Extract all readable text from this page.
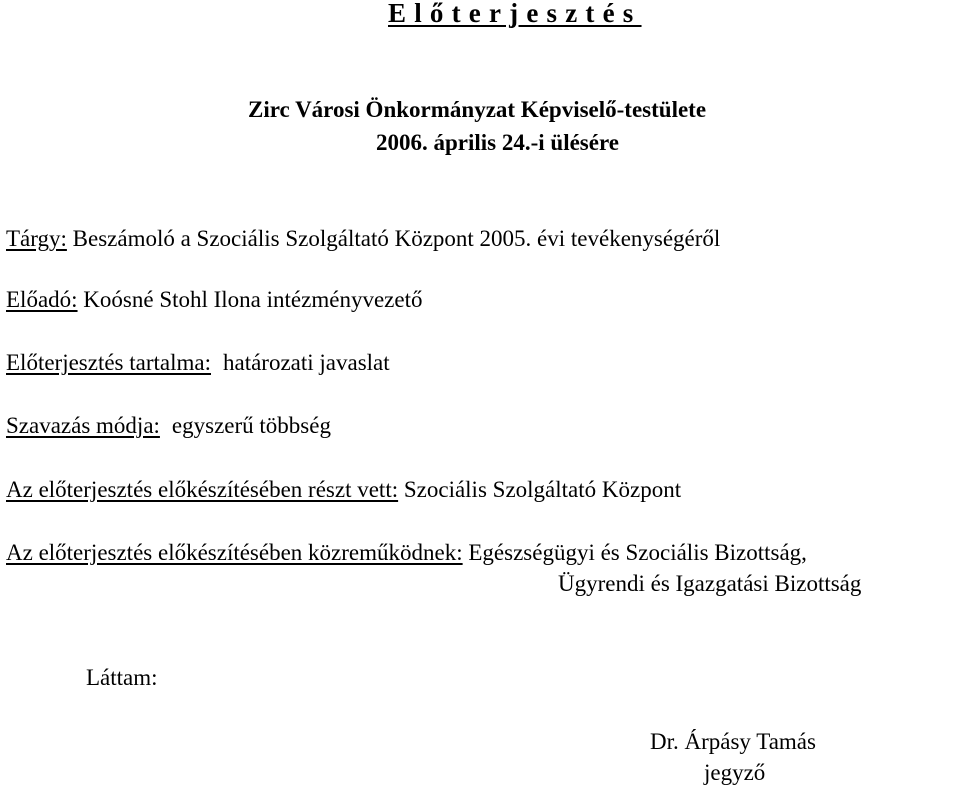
Előterjesztés
Zirc Városi Önkormányzat Képviselő-testülete
2006. április 24.-i ülésére
Tárgy: Beszámoló a Szociális Szolgáltató Központ 2005. évi tevékenységéről
Előadó: Koósné Stohl Ilona intézményvezető
Előterjesztés tartalma: határozati javaslat
Szavazás módja: egyszerű többség
Az előterjesztés előkészítésében részt vett: Szociális Szolgáltató Központ
Az előterjesztés előkészítésében közreműködnek: Egészségügyi és Szociális Bizottság,
Ügyrendi és Igazgatási Bizottság
Láttam:
Dr. Árpásy Tamás
jegyző
